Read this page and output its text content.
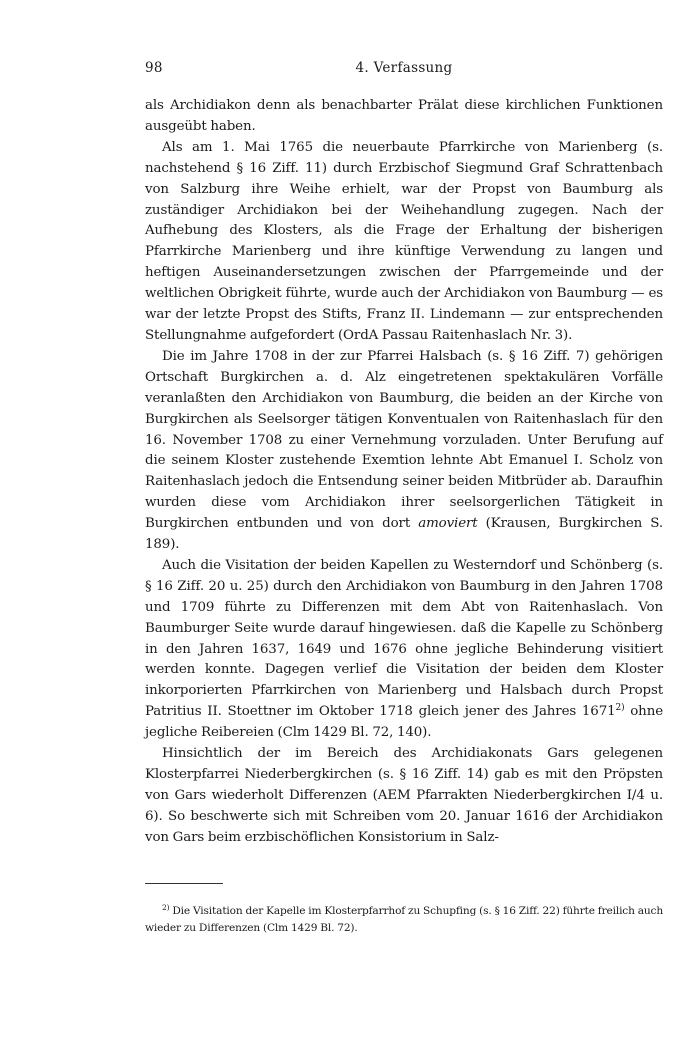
98	4. Verfassung

als Archidiakon denn als benachbarter Prälat diese kirchlichen Funktionen ausgeübt haben.

Als am 1. Mai 1765 die neuerbaute Pfarrkirche von Marienberg (s. nachstehend § 16 Ziff. 11) durch Erzbischof Siegmund Graf Schrattenbach von Salzburg ihre Weihe erhielt, war der Propst von Baumburg als zuständiger Archidiakon bei der Weihehandlung zugegen. Nach der Aufhebung des Klosters, als die Frage der Erhaltung der bisherigen Pfarrkirche Marienberg und ihre künftige Verwendung zu langen und heftigen Auseinandersetzungen zwischen der Pfarrgemeinde und der weltlichen Obrigkeit führte, wurde auch der Archidiakon von Baumburg — es war der letzte Propst des Stifts, Franz II. Lindemann — zur entsprechenden Stellungnahme aufgefordert (OrdA Passau Raitenhaslach Nr. 3).

Die im Jahre 1708 in der zur Pfarrei Halsbach (s. § 16 Ziff. 7) gehörigen Ortschaft Burgkirchen a. d. Alz eingetretenen spektakulären Vorfälle veranlaßten den Archidiakon von Baumburg, die beiden an der Kirche von Burgkirchen als Seelsorger tätigen Konventualen von Raitenhaslach für den 16. November 1708 zu einer Vernehmung vorzuladen. Unter Berufung auf die seinem Kloster zustehende Exemtion lehnte Abt Emanuel I. Scholz von Raitenhaslach jedoch die Entsendung seiner beiden Mitbrüder ab. Daraufhin wurden diese vom Archidiakon ihrer seelsorgerlichen Tätigkeit in Burgkirchen entbunden und von dort amoviert (Krausen, Burgkirchen S. 189).

Auch die Visitation der beiden Kapellen zu Westerndorf und Schönberg (s. § 16 Ziff. 20 u. 25) durch den Archidiakon von Baumburg in den Jahren 1708 und 1709 führte zu Differenzen mit dem Abt von Raitenhaslach. Von Baumburger Seite wurde darauf hingewiesen. daß die Kapelle zu Schönberg in den Jahren 1637, 1649 und 1676 ohne jegliche Behinderung visitiert werden konnte. Dagegen verlief die Visitation der beiden dem Kloster inkorporierten Pfarrkirchen von Marienberg und Halsbach durch Propst Patritius II. Stoettner im Oktober 1718 gleich jener des Jahres 1671$^{2)}$ ohne jegliche Reibereien (Clm 1429 Bl. 72, 140).

Hinsichtlich der im Bereich des Archidiakonats Gars gelegenen Klosterpfarrei Niederbergkirchen (s. § 16 Ziff. 14) gab es mit den Pröpsten von Gars wiederholt Differenzen (AEM Pfarrakten Niederbergkirchen I/4 u. 6). So beschwerte sich mit Schreiben vom 20. Januar 1616 der Archidiakon von Gars beim erzbischöflichen Konsistorium in Salz-

$^{2)}$ Die Visitation der Kapelle im Klosterpfarrhof zu Schupfing (s. § 16 Ziff. 22) führte freilich auch wieder zu Differenzen (Clm 1429 Bl. 72).
